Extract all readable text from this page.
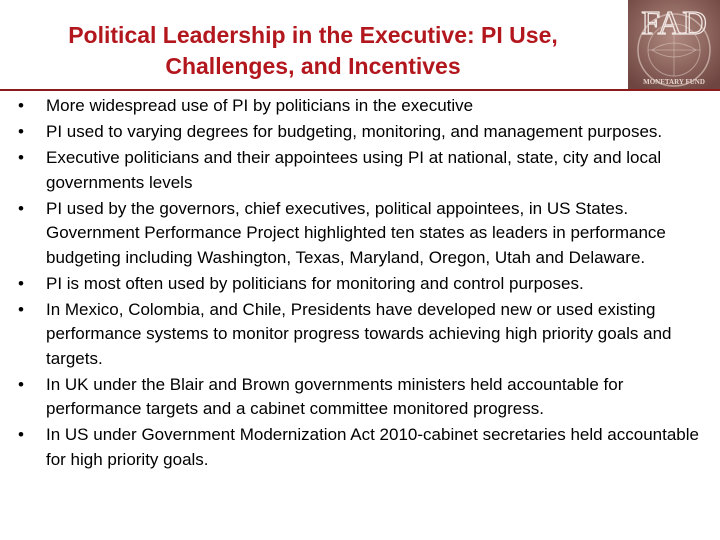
Political Leadership in the Executive: PI Use,
Challenges, and Incentives
FAD
MONETARY FUND
•	More widespread use of PI by politicians in the executive
•	PI used to varying degrees for budgeting, monitoring, and management purposes.
•	Executive politicians and their appointees using PI at national, state, city and local governments levels
•	PI used by the governors, chief executives, political appointees, in US States. Government Performance Project highlighted ten states as leaders in performance budgeting including Washington, Texas, Maryland, Oregon, Utah and Delaware.
•	PI is most often used by politicians for monitoring and control purposes.
•	In Mexico, Colombia, and Chile, Presidents have developed new or used existing performance systems to monitor progress towards achieving high priority goals and targets.
•	In UK under the Blair and Brown governments ministers held accountable for performance targets and a cabinet committee monitored progress.
•	In US under Government Modernization Act 2010-cabinet secretaries held accountable for high priority goals.
